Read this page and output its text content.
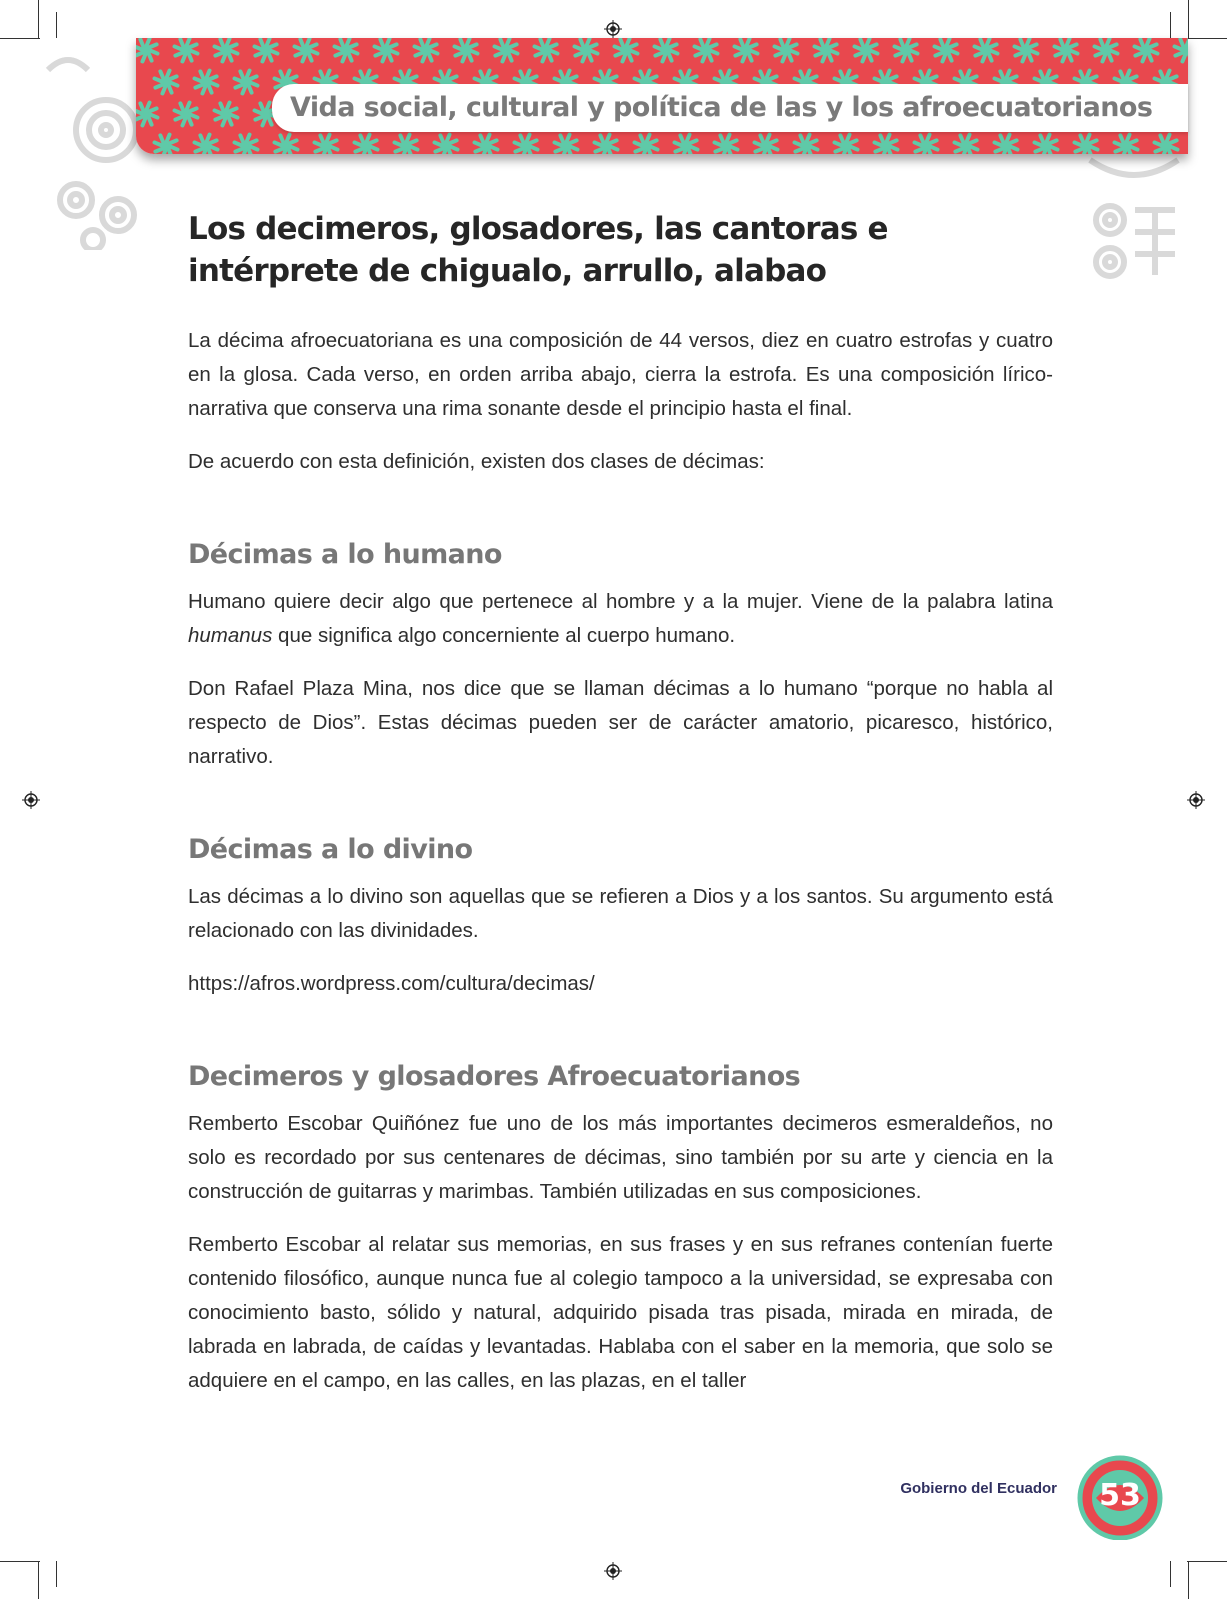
Vida social, cultural y política de las y los afroecuatorianos
Los decimeros, glosadores, las cantoras e intérprete de chigualo, arrullo, alabao

La décima afroecuatoriana es una composición de 44 versos, diez en cuatro estrofas y cuatro en la glosa. Cada verso, en orden arriba abajo, cierra la estrofa. Es una composición lírico-narrativa que conserva una rima sonante desde el principio hasta el final.

De acuerdo con esta definición, existen dos clases de décimas:

Décimas a lo humano

Humano quiere decir algo que pertenece al hombre y a la mujer. Viene de la palabra latina humanus que significa algo concerniente al cuerpo humano.

Don Rafael Plaza Mina, nos dice que se llaman décimas a lo humano “porque no habla al respecto de Dios”. Estas décimas pueden ser de carácter amatorio, picaresco, histórico, narrativo.

Décimas a lo divino

Las décimas a lo divino son aquellas que se refieren a Dios y a los santos. Su argumento está relacionado con las divinidades.

https://afros.wordpress.com/cultura/decimas/

Decimeros y glosadores Afroecuatorianos

Remberto Escobar Quiñónez fue uno de los más importantes decimeros esmeraldeños, no solo es recordado por sus centenares de décimas, sino también por su arte y ciencia en la construcción de guitarras y marimbas. También utilizadas en sus composiciones.

Remberto Escobar al relatar sus memorias, en sus frases y en sus refranes contenían fuerte contenido filosófico, aunque nunca fue al colegio tampoco a la universidad, se expresaba con conocimiento basto, sólido y natural, adquirido pisada tras pisada, mirada en mirada, de labrada en labrada, de caídas y levantadas. Hablaba con el saber en la memoria, que solo se adquiere en el campo, en las calles, en las plazas, en el taller

Gobierno del Ecuador	53
